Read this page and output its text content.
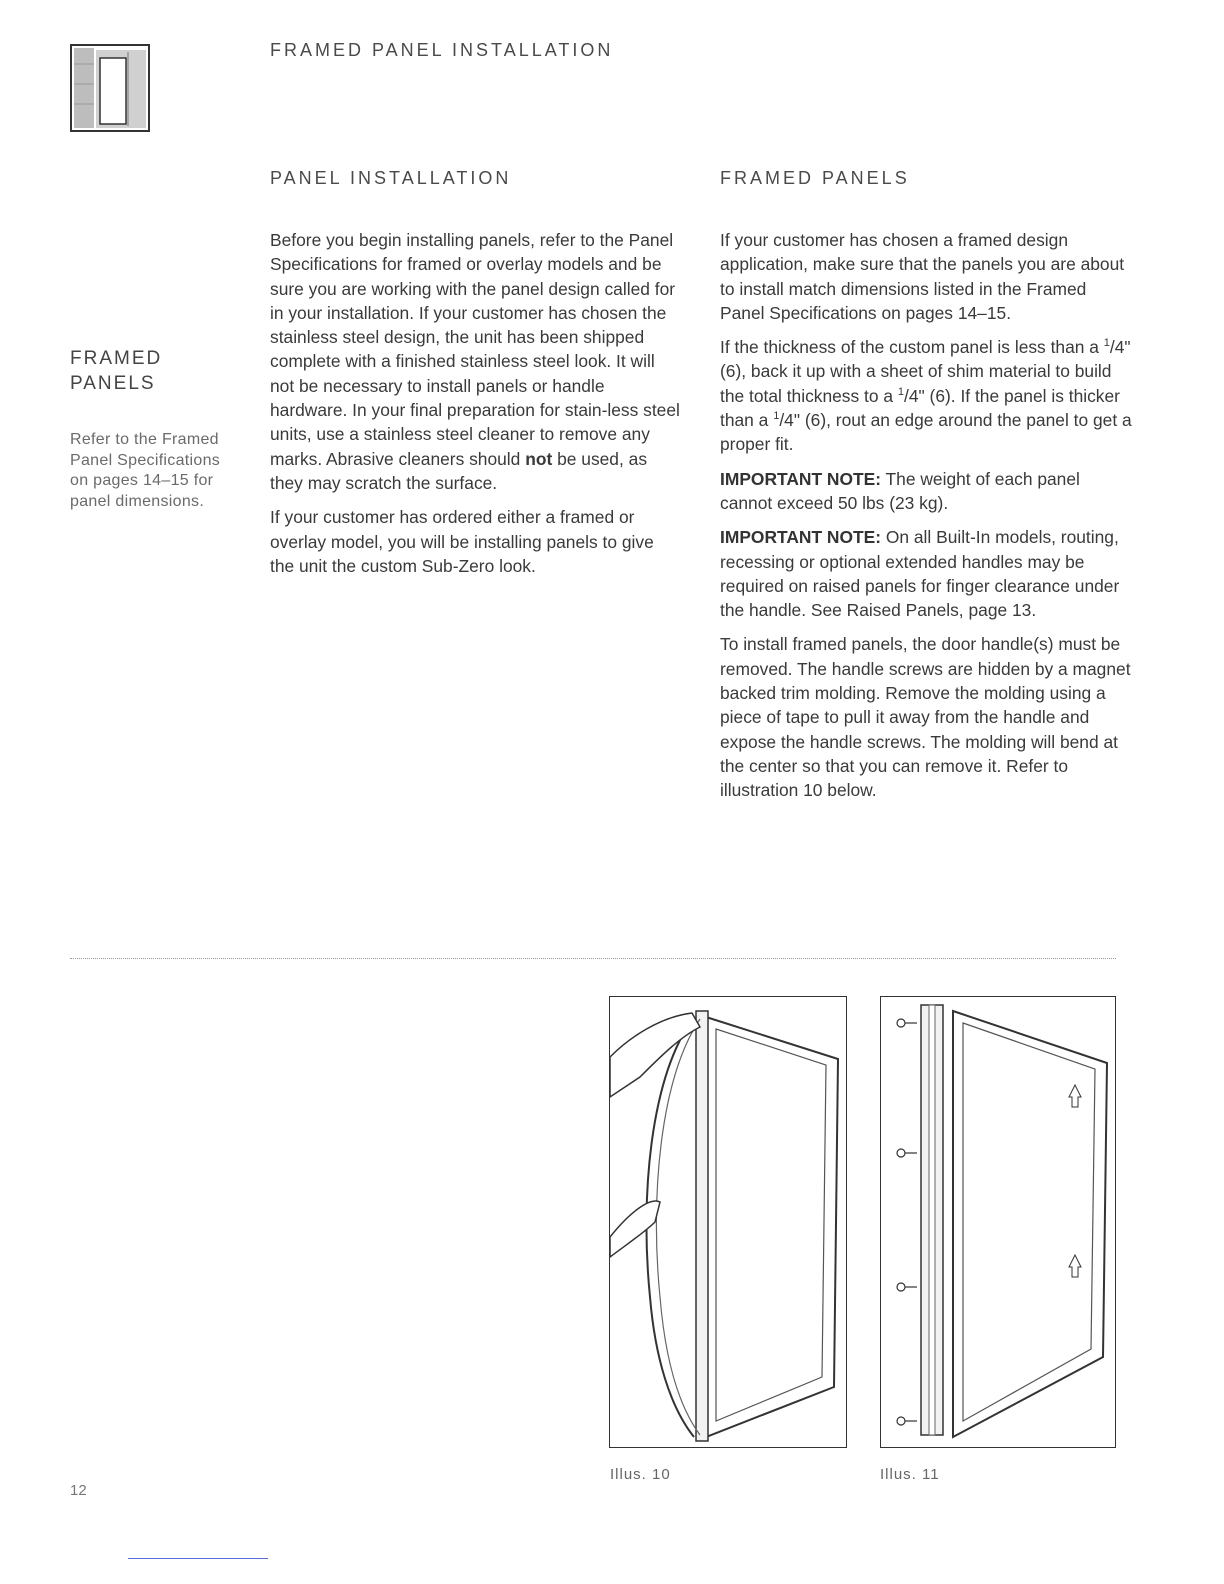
FRAMED PANEL INSTALLATION
PANEL INSTALLATION	FRAMED PANELS
FRAMED
PANELS
Refer to the Framed Panel Specifications on pages 14–15 for panel dimensions.

Before you begin installing panels, refer to the Panel Specifications for framed or overlay models and be sure you are working with the panel design called for in your installation. If your customer has chosen the stainless steel design, the unit has been shipped complete with a finished stainless steel look. It will not be necessary to install panels or handle hardware. In your final preparation for stain-less steel units, use a stainless steel cleaner to remove any marks. Abrasive cleaners should not be used, as they may scratch the surface.

If your customer has ordered either a framed or overlay model, you will be installing panels to give the unit the custom Sub-Zero look.

If your customer has chosen a framed design application, make sure that the panels you are about to install match dimensions listed in the Framed Panel Specifications on pages 14–15.

If the thickness of the custom panel is less than a $^1$/4" (6), back it up with a sheet of shim material to build the total thickness to a $^1$/4" (6). If the panel is thicker than a $^1$/4" (6), rout an edge around the panel to get a proper fit.

IMPORTANT NOTE: The weight of each panel cannot exceed 50 lbs (23 kg).

IMPORTANT NOTE: On all Built-In models, routing, recessing or optional extended handles may be required on raised panels for finger clearance under the handle. See Raised Panels, page 13.

To install framed panels, the door handle(s) must be removed. The handle screws are hidden by a magnet backed trim molding. Remove the molding using a piece of tape to pull it away from the handle and expose the handle screws. The molding will bend at the center so that you can remove it. Refer to illustration 10 below.

Illus. 10	Illus. 11
12
